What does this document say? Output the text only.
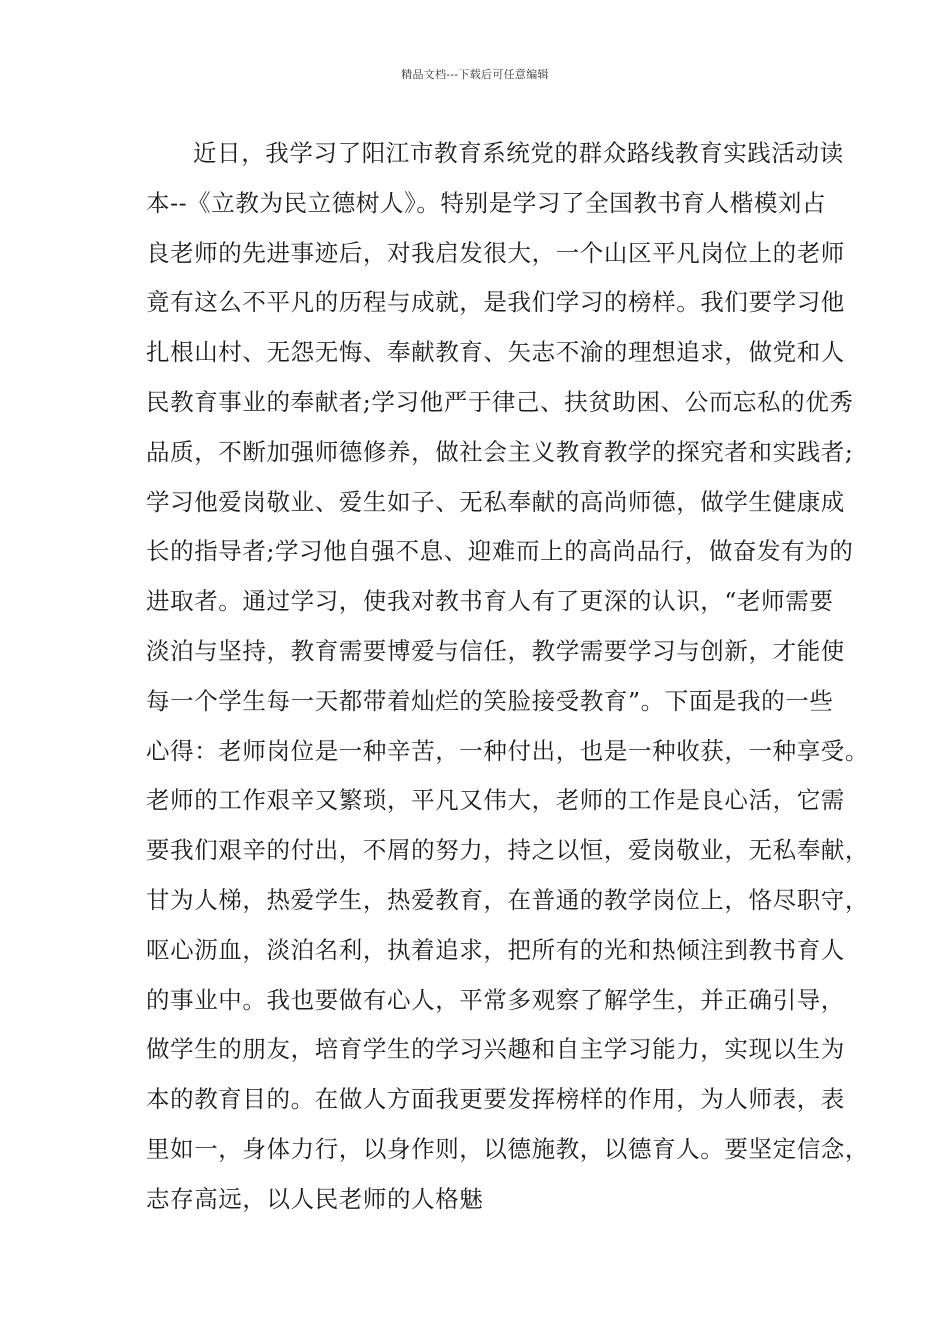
精品文档---下载后可任意编辑
近日，我学习了阳江市教育系统党的群众路线教育实践活动读
本--《立教为民立德树人》。特别是学习了全国教书育人楷模刘占
良老师的先进事迹后，对我启发很大，一个山区平凡岗位上的老师
竟有这么不平凡的历程与成就，是我们学习的榜样。我们要学习他
扎根山村、无怨无悔、奉献教育、矢志不渝的理想追求，做党和人
民教育事业的奉献者;学习他严于律己、扶贫助困、公而忘私的优秀
品质，不断加强师德修养，做社会主义教育教学的探究者和实践者;
学习他爱岗敬业、爱生如子、无私奉献的高尚师德，做学生健康成
长的指导者;学习他自强不息、迎难而上的高尚品行，做奋发有为的
进取者。通过学习，使我对教书育人有了更深的认识，“老师需要
淡泊与坚持，教育需要博爱与信任，教学需要学习与创新，才能使
每一个学生每一天都带着灿烂的笑脸接受教育”。下面是我的一些
心得：老师岗位是一种辛苦，一种付出，也是一种收获，一种享受。
老师的工作艰辛又繁琐，平凡又伟大，老师的工作是良心活，它需
要我们艰辛的付出，不屑的努力，持之以恒，爱岗敬业，无私奉献，
甘为人梯，热爱学生，热爱教育，在普通的教学岗位上，恪尽职守，
呕心沥血，淡泊名利，执着追求，把所有的光和热倾注到教书育人
的事业中。我也要做有心人，平常多观察了解学生，并正确引导，
做学生的朋友，培育学生的学习兴趣和自主学习能力，实现以生为
本的教育目的。在做人方面我更要发挥榜样的作用，为人师表，表
里如一，身体力行，以身作则，以德施教，以德育人。要坚定信念，
志存高远，以人民老师的人格魅
